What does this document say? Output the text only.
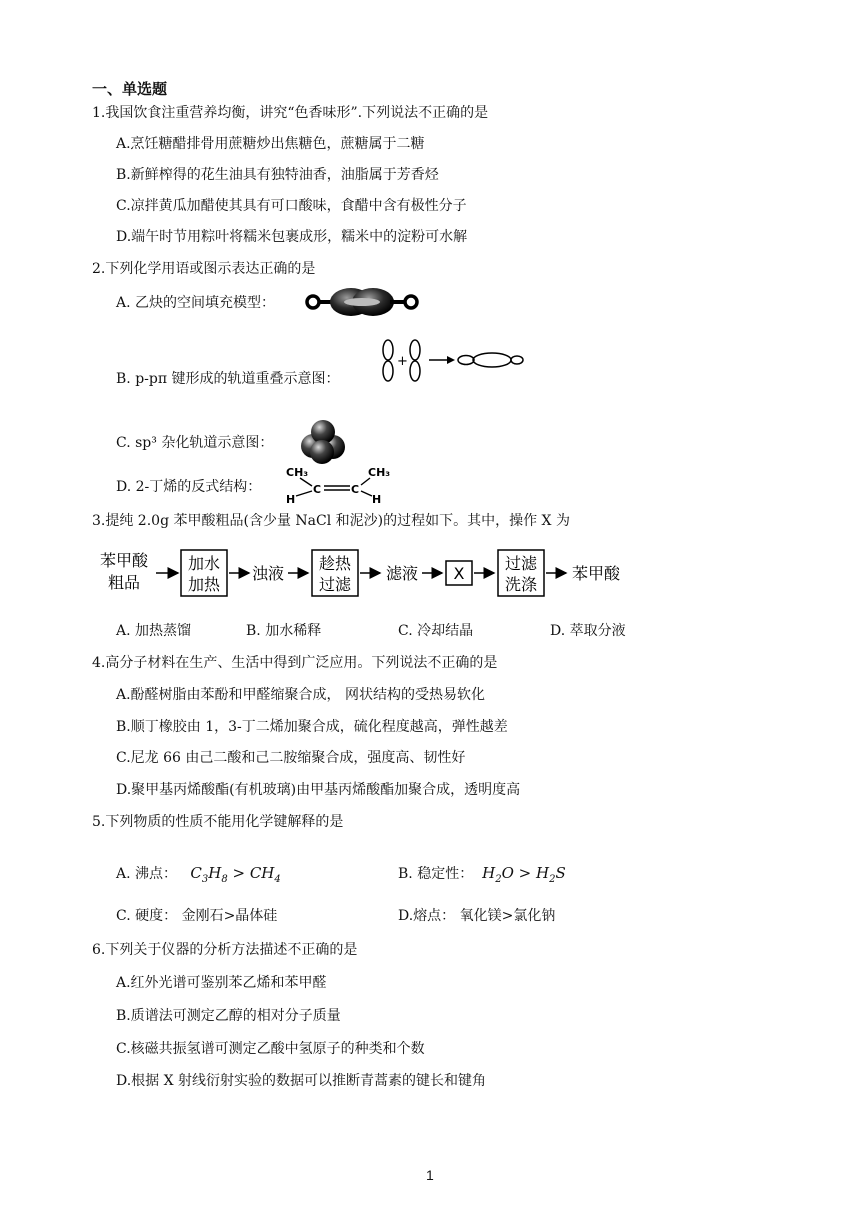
一、单选题
1.我国饮食注重营养均衡，讲究“色香味形”.下列说法不正确的是
A.烹饪糖醋排骨用蔗糖炒出焦糖色，蔗糖属于二糖
B.新鲜榨得的花生油具有独特油香，油脂属于芳香烃
C.凉拌黄瓜加醋使其具有可口酸味，食醋中含有极性分子
D.端午时节用粽叶将糯米包裹成形，糯米中的淀粉可水解
2.下列化学用语或图示表达正确的是
A. 乙炔的空间填充模型：
B. p-pπ 键形成的轨道重叠示意图：
+
C. sp³ 杂化轨道示意图：
D. 2-丁烯的反式结构：
CH₃
H
C	C
CH₃
H
3.提纯 2.0g 苯甲酸粗品(含少量 NaCl 和泥沙)的过程如下。其中，操作 X 为
苯甲酸
粗品
加水
加热
浊液
趁热
过滤
滤液 X
过滤
洗涤
苯甲酸
A. 加热蒸馏	B. 加水稀释	C. 冷却结晶	D. 萃取分液
4.高分子材料在生产、生活中得到广泛应用。下列说法不正确的是
A.酚醛树脂由苯酚和甲醛缩聚合成， 网状结构的受热易软化
B.顺丁橡胶由 1，3-丁二烯加聚合成，硫化程度越高，弹性越差
C.尼龙 66 由己二酸和己二胺缩聚合成，强度高、韧性好
D.聚甲基丙烯酸酯(有机玻璃)由甲基丙烯酸酯加聚合成，透明度高
5.下列物质的性质不能用化学键解释的是
A. 沸点： $C_3H_8 > CH_4$	B. 稳定性： $H_2O > H_2S$
C. 硬度： 金刚石>晶体硅	D.熔点： 氧化镁>氯化钠
6.下列关于仪器的分析方法描述不正确的是
A.红外光谱可鉴别苯乙烯和苯甲醛
B.质谱法可测定乙醇的相对分子质量
C.核磁共振氢谱可测定乙酸中氢原子的种类和个数
D.根据 X 射线衍射实验的数据可以推断青蒿素的键长和键角
1
